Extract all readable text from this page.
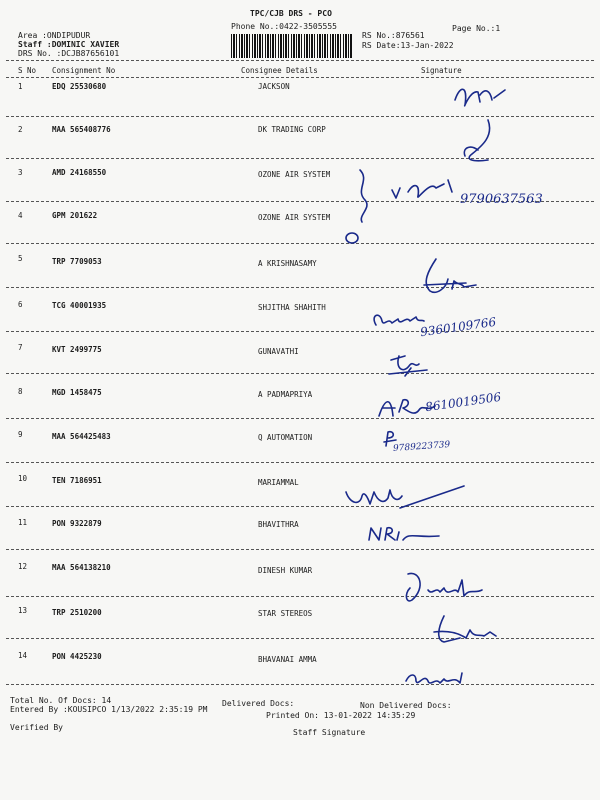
TPC/CJB DRS - PCO
Phone No.:0422-3505555	Page No.:1
Area :ONDIPUDUR
Staff :DOMINIC XAVIER
DRS No. :DCJB87656101
RS No.:876561
RS Date:13-Jan-2022
S No Consignment No	Consignee Details	Signature
1	EDQ 25530680	JACKSON
2	MAA 565408776	DK TRADING CORP
3	AMD 24168550	OZONE AIR SYSTEM
4	GPM 201622	OZONE AIR SYSTEM
5	TRP 7709053	A KRISHNASAMY
6	TCG 40001935	SHJITHA SHAHITH
7	KVT 2499775	GUNAVATHI
8	MGD 1458475	A PADMAPRIYA
9	MAA 564425483	Q AUTOMATION
10	TEN 7186951	MARIAMMAL
11	PON 9322879	BHAVITHRA
12	MAA 564138210	DINESH KUMAR
13	TRP 2510200	STAR STEREOS
14	PON 4425230	BHAVANAI AMMA
9790637563
9360109766
8610019506
9789223739
Total No. Of Docs: 14	Delivered Docs:	Non Delivered Docs:
Entered By :KOUSIPCO 1/13/2022 2:35:19 PM
Printed On: 13-01-2022 14:35:29
Verified By
Staff Signature
